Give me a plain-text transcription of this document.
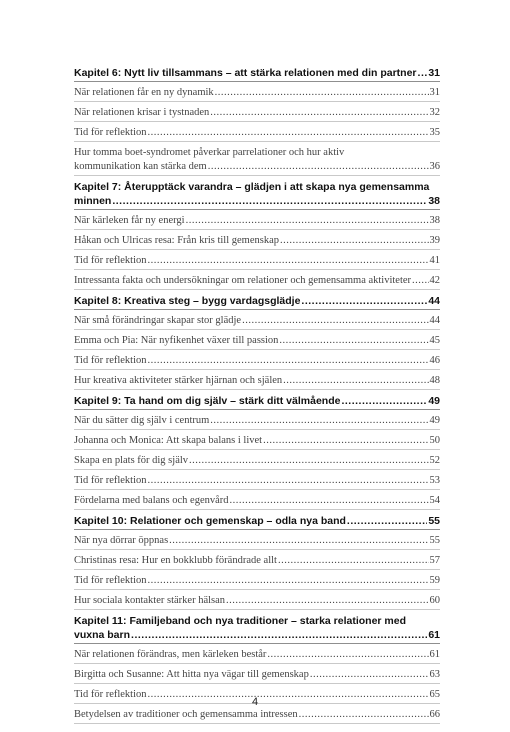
Kapitel 6: Nytt liv tillsammans – att stärka relationen med din partner ..... 31
När relationen får en ny dynamik .....	31
När relationen krisar i tystnaden .....	32
Tid för reflektion .....	35
Hur tomma boet-syndromet påverkar parrelationer och hur aktiv
kommunikation kan stärka dem .....	36
Kapitel 7: Återupptäck varandra – glädjen i att skapa nya gemensamma
minnen .....	38
När kärleken får ny energi .....	38
Håkan och Ulricas resa: Från kris till gemenskap .....	39
Tid för reflektion .....	41
Intressanta fakta och undersökningar om relationer och gemensamma aktiviteter ..... 42
Kapitel 8: Kreativa steg – bygg vardagsglädje .....	44
När små förändringar skapar stor glädje .....	44
Emma och Pia: När nyfikenhet växer till passion .....	45
Tid för reflektion .....	46
Hur kreativa aktiviteter stärker hjärnan och själen .....	48
Kapitel 9: Ta hand om dig själv – stärk ditt välmående .....	49
När du sätter dig själv i centrum .....	49
Johanna och Monica: Att skapa balans i livet .....	50
Skapa en plats för dig själv .....	52
Tid för reflektion .....	53
Fördelarna med balans och egenvård .....	54
Kapitel 10: Relationer och gemenskap – odla nya band .....	55
När nya dörrar öppnas .....	55
Christinas resa: Hur en bokklubb förändrade allt .....	57
Tid för reflektion .....	59
Hur sociala kontakter stärker hälsan .....	60
Kapitel 11: Familjeband och nya traditioner – starka relationer med
vuxna barn .....	61
När relationen förändras, men kärleken består .....	61
Birgitta och Susanne: Att hitta nya vägar till gemenskap .....	63
Tid för reflektion .....	65
Betydelsen av traditioner och gemensamma intressen .....	66
4
